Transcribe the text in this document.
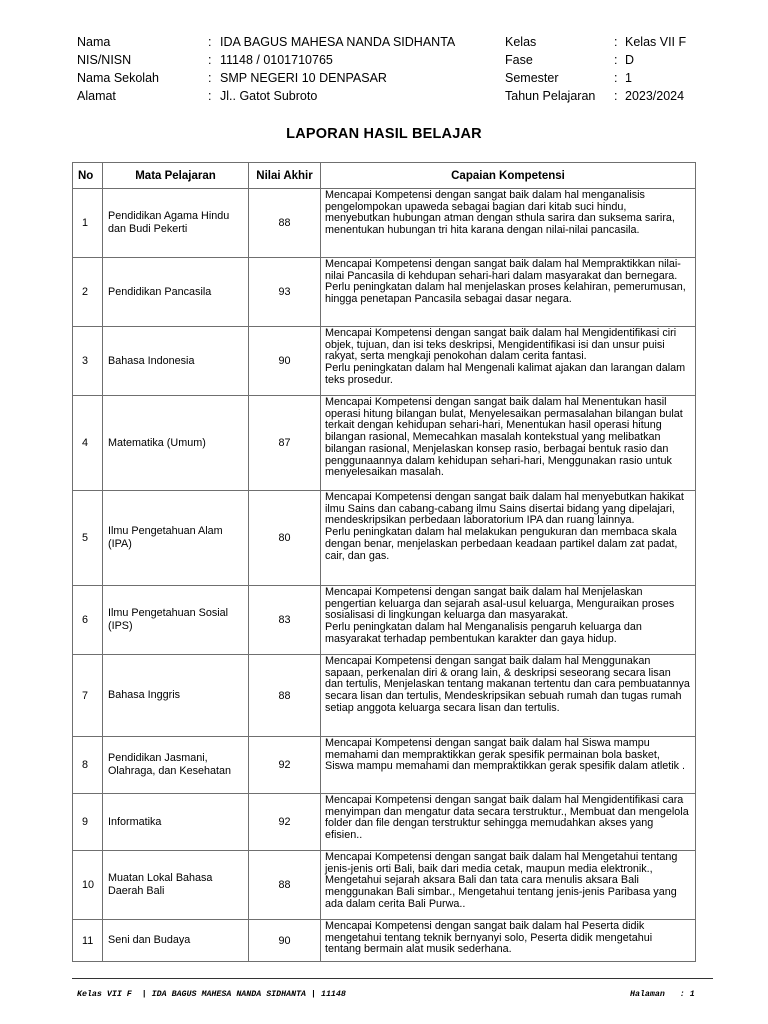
Nama	: IDA BAGUS MAHESA NANDA SIDHANTA	Kelas	: Kelas VII F
NIS/NISN	: 11148 / 0101710765	Fase	: D
Nama Sekolah	: SMP NEGERI 10 DENPASAR	Semester	: 1
Alamat	: Jl.. Gatot Subroto	Tahun Pelajaran : 2023/2024
LAPORAN HASIL BELAJAR
No	Mata Pelajaran	Nilai Akhir	Capaian Kompetensi
1	Pendidikan Agama Hindu dan Budi Pekerti	88	Mencapai Kompetensi dengan sangat baik dalam hal menganalisis pengelompokan upaweda sebagai bagian dari kitab suci hindu, menyebutkan hubungan atman dengan sthula sarira dan suksema sarira, menentukan hubungan tri hita karana dengan nilai-nilai pancasila.
2	Pendidikan Pancasila	93	Mencapai Kompetensi dengan sangat baik dalam hal Mempraktikkan nilai-nilai Pancasila di kehdupan sehari-hari dalam masyarakat dan bernegara.
Perlu peningkatan dalam hal menjelaskan proses kelahiran, pemerumusan, hingga penetapan Pancasila sebagai dasar negara.
3	Bahasa Indonesia	90	Mencapai Kompetensi dengan sangat baik dalam hal Mengidentifikasi ciri objek, tujuan, dan isi teks deskripsi, Mengidentifikasi isi dan unsur puisi rakyat, serta mengkaji penokohan dalam cerita fantasi.
Perlu peningkatan dalam hal Mengenali kalimat ajakan dan larangan dalam teks prosedur.
4	Matematika (Umum)	87	Mencapai Kompetensi dengan sangat baik dalam hal Menentukan hasil operasi hitung bilangan bulat, Menyelesaikan permasalahan bilangan bulat terkait dengan kehidupan sehari-hari, Menentukan hasil operasi hitung bilangan rasional, Memecahkan masalah kontekstual yang melibatkan bilangan rasional, Menjelaskan konsep rasio, berbagai bentuk rasio dan penggunaannya dalam kehidupan sehari-hari, Menggunakan rasio untuk menyelesaikan masalah.
5	Ilmu Pengetahuan Alam (IPA)	80	Mencapai Kompetensi dengan sangat baik dalam hal menyebutkan hakikat ilmu Sains dan cabang-cabang ilmu Sains disertai bidang yang dipelajari, mendeskripsikan perbedaan laboratorium IPA dan ruang lainnya.
Perlu peningkatan dalam hal melakukan pengukuran dan membaca skala dengan benar, menjelaskan perbedaan keadaan partikel dalam zat padat, cair, dan gas.
6	Ilmu Pengetahuan Sosial (IPS)	83	Mencapai Kompetensi dengan sangat baik dalam hal Menjelaskan pengertian keluarga dan sejarah asal-usul keluarga, Menguraikan proses sosialisasi di lingkungan keluarga dan masyarakat.
Perlu peningkatan dalam hal Menganalisis pengaruh keluarga dan masyarakat terhadap pembentukan karakter dan gaya hidup.
7	Bahasa Inggris	88	Mencapai Kompetensi dengan sangat baik dalam hal Menggunakan sapaan, perkenalan diri & orang lain, & deskripsi seseorang secara lisan dan tertulis, Menjelaskan tentang makanan tertentu dan cara pembuatannya secara lisan dan tertulis, Mendeskripsikan sebuah rumah dan tugas rumah setiap anggota keluarga secara lisan dan tertulis.
8	Pendidikan Jasmani, Olahraga, dan Kesehatan	92	Mencapai Kompetensi dengan sangat baik dalam hal Siswa mampu memahami dan mempraktikkan gerak spesifik permainan bola basket, Siswa mampu memahami dan mempraktikkan gerak spesifik dalam atletik .
9	Informatika	92	Mencapai Kompetensi dengan sangat baik dalam hal Mengidentifikasi cara menyimpan dan mengatur data secara terstruktur., Membuat dan mengelola folder dan file dengan terstruktur sehingga memudahkan akses yang efisien..
10	Muatan Lokal Bahasa Daerah Bali	88	Mencapai Kompetensi dengan sangat baik dalam hal Mengetahui tentang jenis-jenis orti Bali, baik dari media cetak, maupun media elektronik., Mengetahui sejarah aksara Bali dan tata cara menulis aksara Bali menggunakan Bali simbar., Mengetahui tentang jenis-jenis Paribasa yang ada dalam cerita Bali Purwa..
11	Seni dan Budaya	90	Mencapai Kompetensi dengan sangat baik dalam hal Peserta didik mengetahui tentang teknik bernyanyi solo, Peserta didik mengetahui tentang bermain alat musik sederhana.
Kelas VII F  | IDA BAGUS MAHESA NANDA SIDHANTA | 11148	Halaman   : 1
